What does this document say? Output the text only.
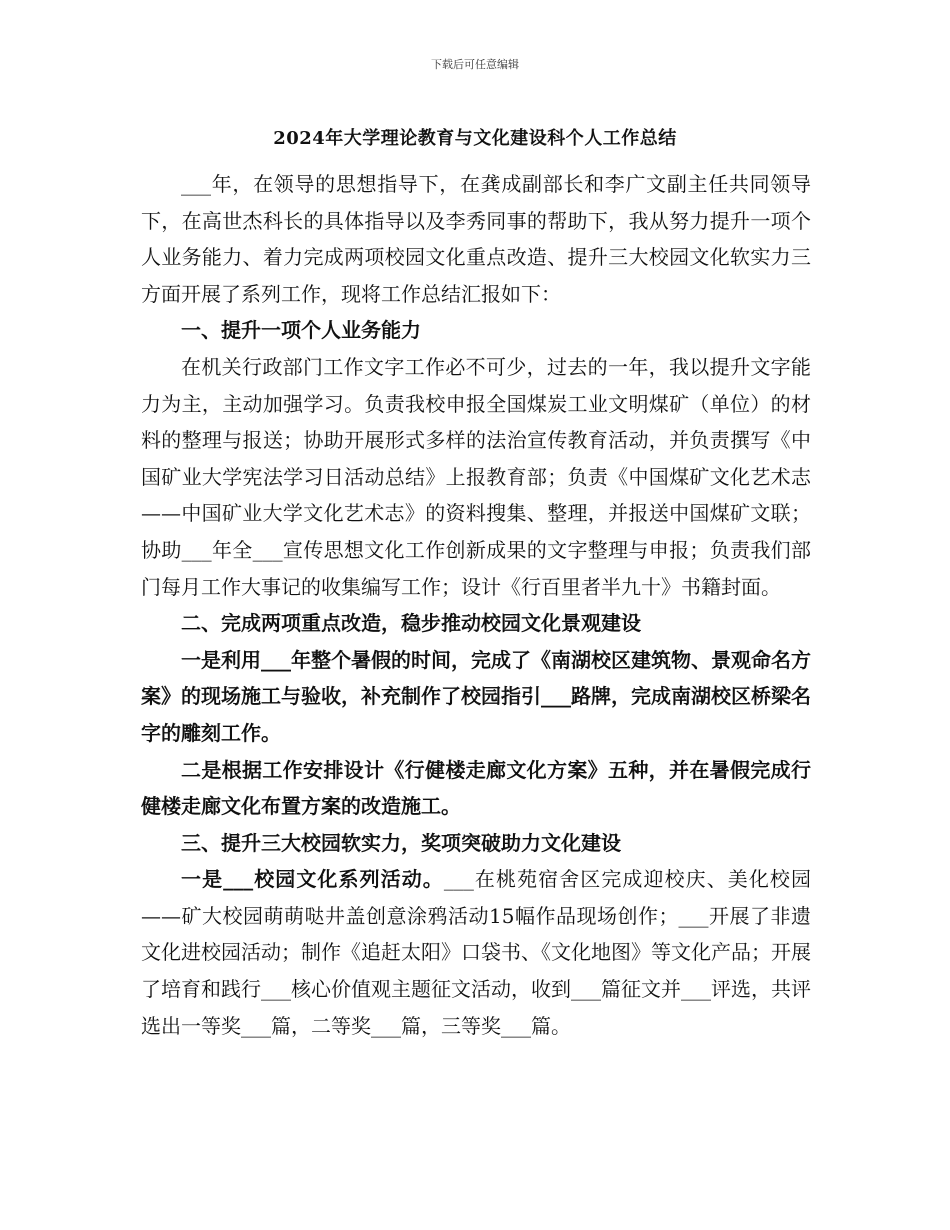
下载后可任意编辑
2024年大学理论教育与文化建设科个人工作总结

___年，在领导的思想指导下，在龚成副部长和李广文副主任共同领导下，在高世杰科长的具体指导以及李秀同事的帮助下，我从努力提升一项个人业务能力、着力完成两项校园文化重点改造、提升三大校园文化软实力三方面开展了系列工作，现将工作总结汇报如下：

一、提升一项个人业务能力

在机关行政部门工作文字工作必不可少，过去的一年，我以提升文字能力为主，主动加强学习。负责我校申报全国煤炭工业文明煤矿（单位）的材料的整理与报送；协助开展形式多样的法治宣传教育活动，并负责撰写《中国矿业大学宪法学习日活动总结》上报教育部；负责《中国煤矿文化艺术志——中国矿业大学文化艺术志》的资料搜集、整理，并报送中国煤矿文联；协助___年全___宣传思想文化工作创新成果的文字整理与申报；负责我们部门每月工作大事记的收集编写工作；设计《行百里者半九十》书籍封面。

二、完成两项重点改造，稳步推动校园文化景观建设

一是利用___年整个暑假的时间，完成了《南湖校区建筑物、景观命名方案》的现场施工与验收，补充制作了校园指引___路牌，完成南湖校区桥梁名字的雕刻工作。

二是根据工作安排设计《行健楼走廊文化方案》五种，并在暑假完成行健楼走廊文化布置方案的改造施工。

三、提升三大校园软实力，奖项突破助力文化建设

一是___校园文化系列活动。___在桃苑宿舍区完成迎校庆、美化校园——矿大校园萌萌哒井盖创意涂鸦活动15幅作品现场创作；___开展了非遗文化进校园活动；制作《追赶太阳》口袋书、《文化地图》等文化产品；开展了培育和践行___核心价值观主题征文活动，收到___篇征文并___评选，共评选出一等奖___篇，二等奖___篇，三等奖___篇。
